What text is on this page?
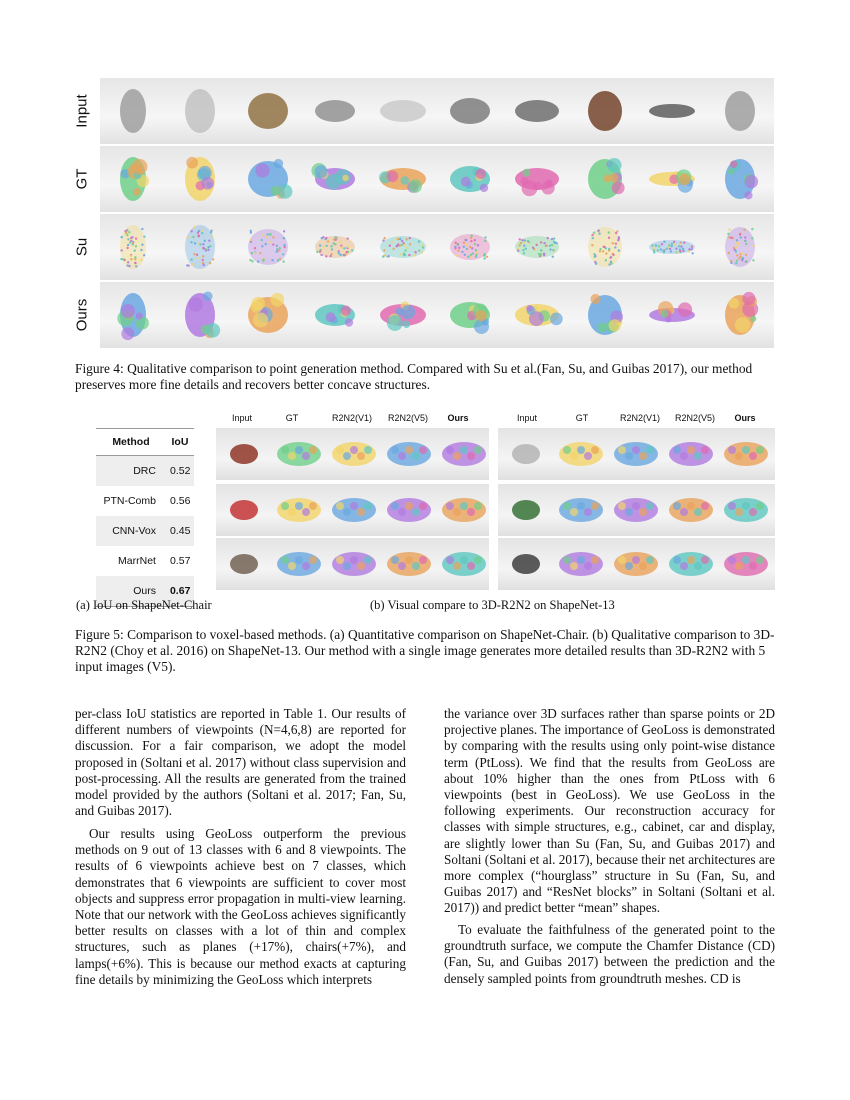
Input
GT
Su
Ours
Figure 4: Qualitative comparison to point generation method. Compared with Su et al.(Fan, Su, and Guibas 2017), our method preserves more fine details and recovers better concave structures.
Method	IoU
DRC	0.52
PTN-Comb	0.56
CNN-Vox	0.45
MarrNet	0.57
Ours	0.67
Input	GT	R2N2(V1)	R2N2(V5)	Ours	Input	GT	R2N2(V1)	R2N2(V5)	Ours
(a) IoU on ShapeNet-Chair	(b) Visual compare to 3D-R2N2 on ShapeNet-13
Figure 5: Comparison to voxel-based methods. (a) Quantitative comparison on ShapeNet-Chair. (b) Qualitative comparison to 3D-R2N2 (Choy et al. 2016) on ShapeNet-13. Our method with a single image generates more detailed results than 3D-R2N2 with 5 input images (V5).
per-class IoU statistics are reported in Table 1. Our results of different numbers of viewpoints (N=4,6,8) are reported for discussion. For a fair comparison, we adopt the model proposed in (Soltani et al. 2017) without class supervision and post-processing. All the results are generated from the trained model provided by the authors (Soltani et al. 2017; Fan, Su, and Guibas 2017).
Our results using GeoLoss outperform the previous methods on 9 out of 13 classes with 6 and 8 viewpoints. The results of 6 viewpoints achieve best on 7 classes, which demonstrates that 6 viewpoints are sufficient to cover most objects and suppress error propagation in multi-view learning. Note that our network with the GeoLoss achieves significantly better results on classes with a lot of thin and complex structures, such as planes (+17%), chairs(+7%), and lamps(+6%). This is because our method exacts at capturing fine details by minimizing the GeoLoss which interprets
the variance over 3D surfaces rather than sparse points or 2D projective planes. The importance of GeoLoss is demonstrated by comparing with the results using only point-wise distance term (PtLoss). We find that the results from GeoLoss are about 10% higher than the ones from PtLoss with 6 viewpoints (best in GeoLoss). We use GeoLoss in the following experiments. Our reconstruction accuracy for classes with simple structures, e.g., cabinet, car and display, are slightly lower than Su (Fan, Su, and Guibas 2017) and Soltani (Soltani et al. 2017), because their net architectures are more complex (“hourglass” structure in Su (Fan, Su, and Guibas 2017) and “ResNet blocks” in Soltani (Soltani et al. 2017)) and predict better “mean” shapes.
To evaluate the faithfulness of the generated point to the groundtruth surface, we compute the Chamfer Distance (CD) (Fan, Su, and Guibas 2017) between the prediction and the densely sampled points from groundtruth meshes. CD is
